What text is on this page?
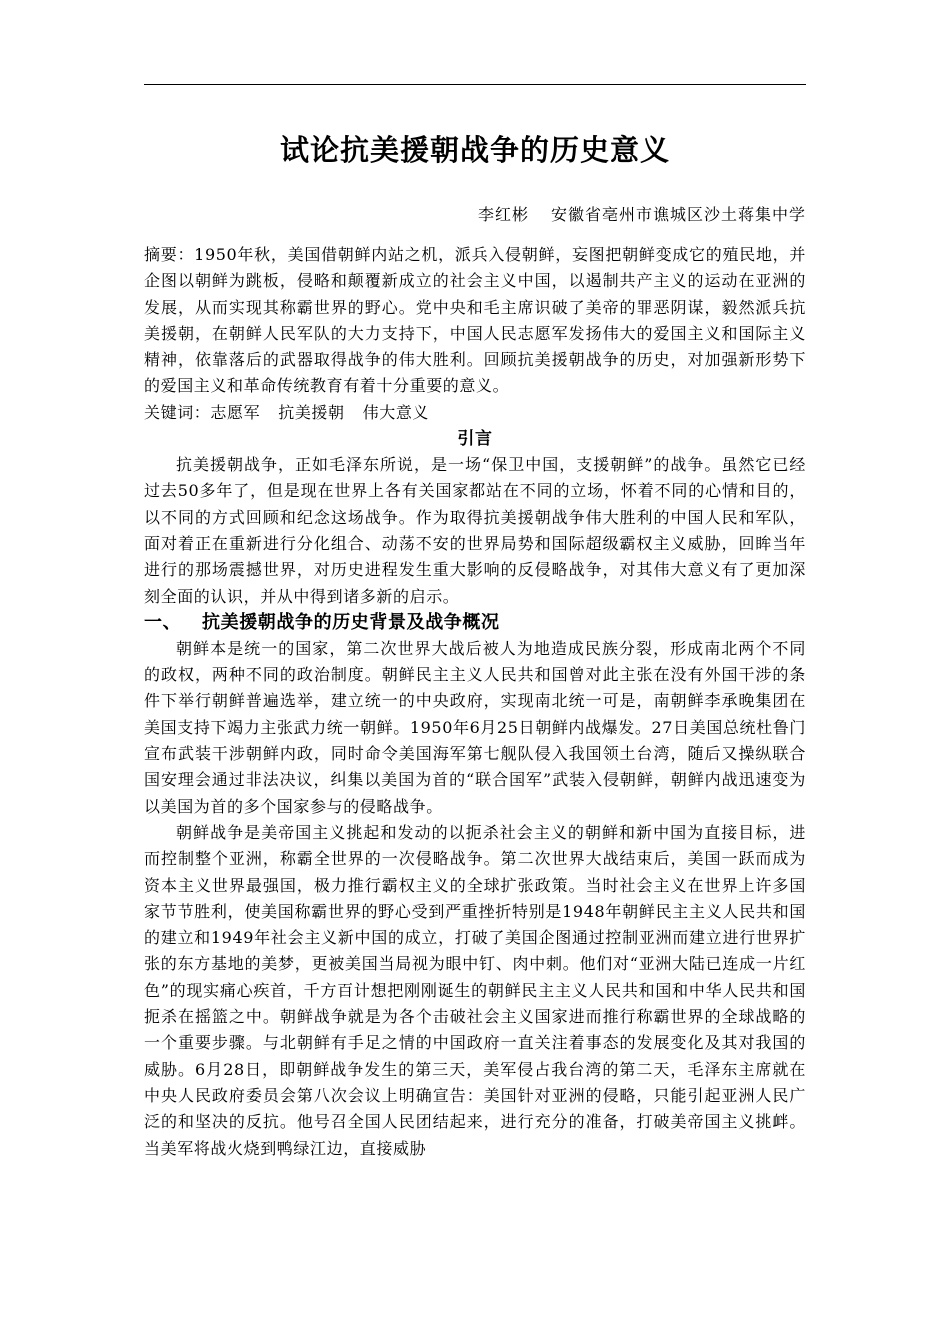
试论抗美援朝战争的历史意义

李红彬 安徽省亳州市谯城区沙土蒋集中学

摘要：1950年秋，美国借朝鲜内站之机，派兵入侵朝鲜，妄图把朝鲜变成它的殖民地，并企图以朝鲜为跳板，侵略和颠覆新成立的社会主义中国，以遏制共产主义的运动在亚洲的发展，从而实现其称霸世界的野心。党中央和毛主席识破了美帝的罪恶阴谋，毅然派兵抗美援朝，在朝鲜人民军队的大力支持下，中国人民志愿军发扬伟大的爱国主义和国际主义精神，依靠落后的武器取得战争的伟大胜利。回顾抗美援朝战争的历史，对加强新形势下的爱国主义和革命传统教育有着十分重要的意义。

关键词：志愿军 抗美援朝 伟大意义

引言

抗美援朝战争，正如毛泽东所说，是一场“保卫中国，支援朝鲜”的战争。虽然它已经过去50多年了，但是现在世界上各有关国家都站在不同的立场，怀着不同的心情和目的，以不同的方式回顾和纪念这场战争。作为取得抗美援朝战争伟大胜利的中国人民和军队，面对着正在重新进行分化组合、动荡不安的世界局势和国际超级霸权主义威胁，回眸当年进行的那场震撼世界，对历史进程发生重大影响的反侵略战争，对其伟大意义有了更加深刻全面的认识，并从中得到诸多新的启示。

一、 抗美援朝战争的历史背景及战争概况

朝鲜本是统一的国家，第二次世界大战后被人为地造成民族分裂，形成南北两个不同的政权，两种不同的政治制度。朝鲜民主主义人民共和国曾对此主张在没有外国干涉的条件下举行朝鲜普遍选举，建立统一的中央政府，实现南北统一可是，南朝鲜李承晚集团在美国支持下竭力主张武力统一朝鲜。1950年6月25日朝鲜内战爆发。27日美国总统杜鲁门宣布武装干涉朝鲜内政，同时命令美国海军第七舰队侵入我国领土台湾，随后又操纵联合国安理会通过非法决议，纠集以美国为首的“联合国军”武装入侵朝鲜，朝鲜内战迅速变为以美国为首的多个国家参与的侵略战争。

朝鲜战争是美帝国主义挑起和发动的以扼杀社会主义的朝鲜和新中国为直接目标，进而控制整个亚洲，称霸全世界的一次侵略战争。第二次世界大战结束后，美国一跃而成为资本主义世界最强国，极力推行霸权主义的全球扩张政策。当时社会主义在世界上许多国家节节胜利，使美国称霸世界的野心受到严重挫折特别是1948年朝鲜民主主义人民共和国的建立和1949年社会主义新中国的成立，打破了美国企图通过控制亚洲而建立进行世界扩张的东方基地的美梦，更被美国当局视为眼中钉、肉中刺。他们对“亚洲大陆已连成一片红色”的现实痛心疾首，千方百计想把刚刚诞生的朝鲜民主主义人民共和国和中华人民共和国扼杀在摇篮之中。朝鲜战争就是为各个击破社会主义国家进而推行称霸世界的全球战略的一个重要步骤。与北朝鲜有手足之情的中国政府一直关注着事态的发展变化及其对我国的威胁。6月28日，即朝鲜战争发生的第三天，美军侵占我台湾的第二天，毛泽东主席就在中央人民政府委员会第八次会议上明确宣告：美国针对亚洲的侵略，只能引起亚洲人民广泛的和坚决的反抗。他号召全国人民团结起来，进行充分的准备，打破美帝国主义挑衅。当美军将战火烧到鸭绿江边，直接威胁
